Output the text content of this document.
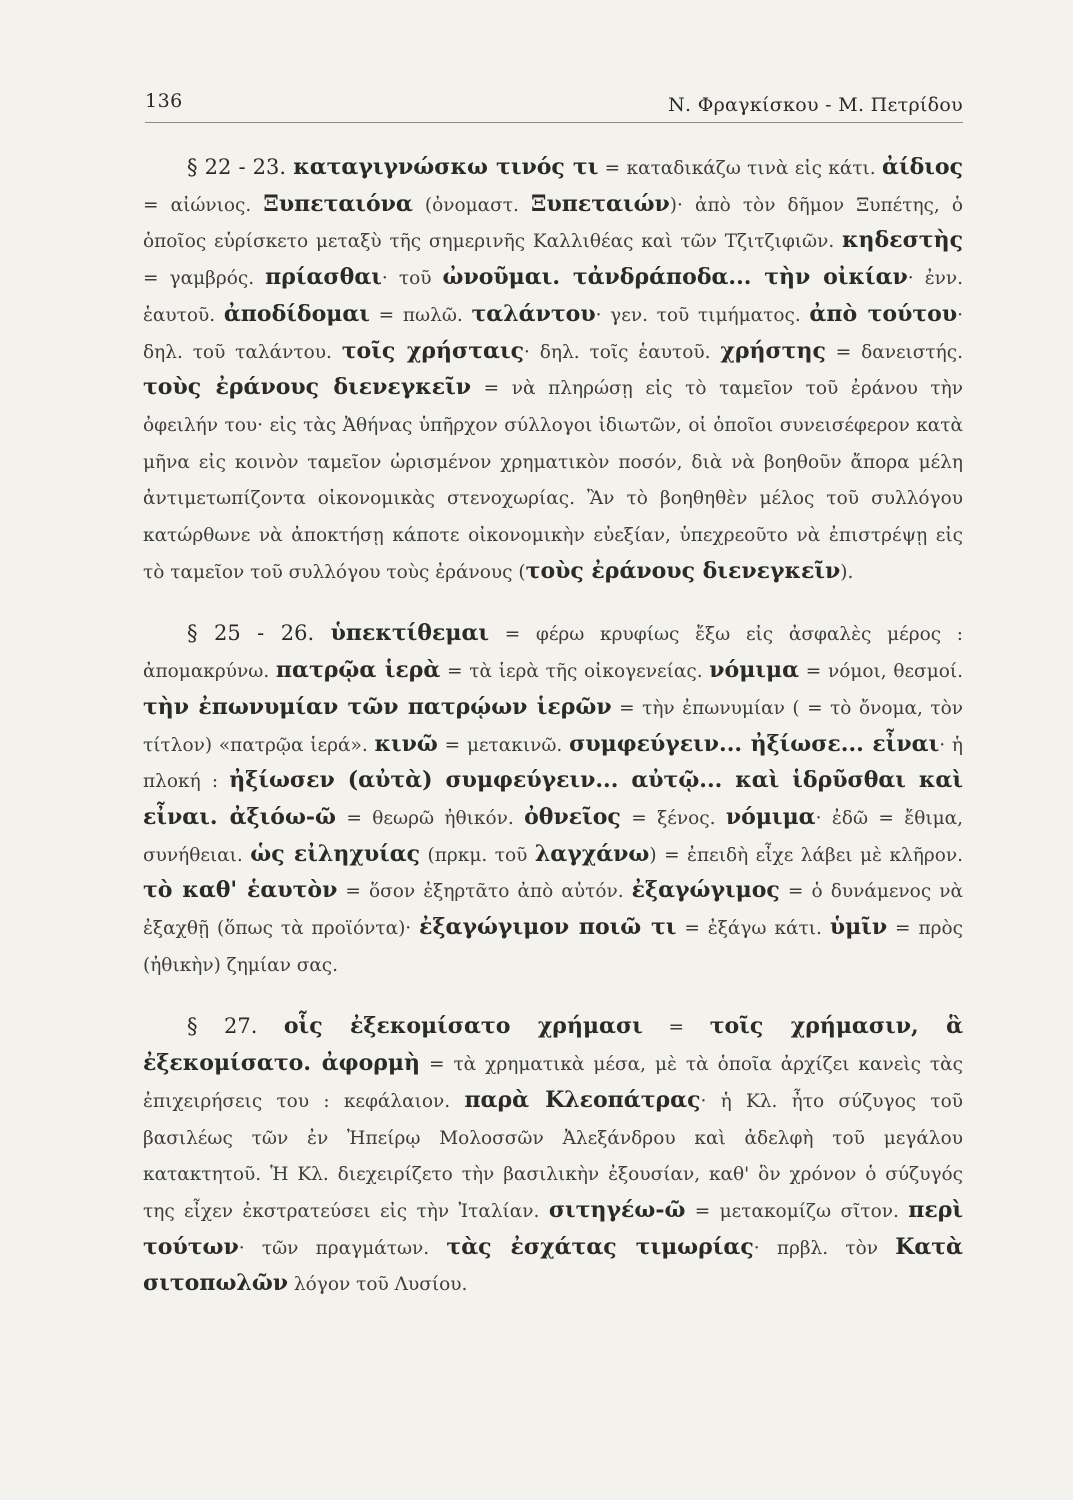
136	Ν. Φραγκίσκου - Μ. Πετρίδου

§ 22 - 23. καταγιγνώσκω τινός τι = καταδικάζω τινὰ εἰς κάτι. ἀίδιος = αἰώνιος. Ξυπεταιόνα (ὀνομαστ. Ξυπεταιών)· ἀπὸ τὸν δῆμον Ξυπέτης, ὁ ὁποῖος εὑρίσκετο μεταξὺ τῆς σημερινῆς Καλλιθέας καὶ τῶν Τζιτζιφιῶν. κηδεστὴς = γαμβρός. πρίασθαι· τοῦ ὠνοῦμαι. τἀνδράποδα... τὴν οἰκίαν· ἐνν. ἑαυτοῦ. ἀποδίδομαι = πωλῶ. ταλάντου· γεν. τοῦ τιμήματος. ἀπὸ τούτου· δηλ. τοῦ ταλάντου. τοῖς χρήσταις· δηλ. τοῖς ἑαυτοῦ. χρήστης = δανειστής. τοὺς ἐράνους διενεγκεῖν = νὰ πληρώσῃ εἰς τὸ ταμεῖον τοῦ ἐράνου τὴν ὀφειλήν του· εἰς τὰς Ἀθήνας ὑπῆρχον σύλλογοι ἰδιωτῶν, οἱ ὁποῖοι συνεισέφερον κατὰ μῆνα εἰς κοινὸν ταμεῖον ὡρισμένον χρηματικὸν ποσόν, διὰ νὰ βοηθοῦν ἄπορα μέλη ἀντιμετωπίζοντα οἰκονομικὰς στενοχωρίας. Ἂν τὸ βοηθηθὲν μέλος τοῦ συλλόγου κατώρθωνε νὰ ἀποκτήσῃ κάποτε οἰκονομικὴν εὐεξίαν, ὑπεχρεοῦτο νὰ ἐπιστρέψῃ εἰς τὸ ταμεῖον τοῦ συλλόγου τοὺς ἐράνους (τοὺς ἐράνους διενεγκεῖν).

§ 25 - 26. ὑπεκτίθεμαι = φέρω κρυφίως ἔξω εἰς ἀσφαλὲς μέρος : ἀπομακρύνω. πατρῷα ἱερὰ = τὰ ἱερὰ τῆς οἰκογενείας. νόμιμα = νόμοι, θεσμοί. τὴν ἐπωνυμίαν τῶν πατρῴων ἱερῶν = τὴν ἐπωνυμίαν ( = τὸ ὄνομα, τὸν τίτλον) «πατρῷα ἱερά». κινῶ = μετακινῶ. συμφεύγειν... ἠξίωσε... εἶναι· ἡ πλοκή : ἠξίωσεν (αὐτὰ) συμφεύγειν... αὐτῷ... καὶ ἱδρῦσθαι καὶ εἶναι. ἀξιόω-ῶ = θεωρῶ ἠθικόν. ὀθνεῖος = ξένος. νόμιμα· ἐδῶ = ἔθιμα, συνήθειαι. ὡς εἰληχυίας (πρκμ. τοῦ λαγχάνω) = ἐπειδὴ εἶχε λάβει μὲ κλῆρον. τὸ καθ' ἑαυτὸν = ὅσον ἐξηρτᾶτο ἀπὸ αὐτόν. ἐξαγώγιμος = ὁ δυνάμενος νὰ ἐξαχθῇ (ὅπως τὰ προϊόντα)· ἐξαγώγιμον ποιῶ τι = ἐξάγω κάτι. ὑμῖν = πρὸς (ἠθικὴν) ζημίαν σας.

§ 27. οἷς ἐξεκομίσατο χρήμασι = τοῖς χρήμασιν, ἃ ἐξεκομίσατο. ἀφορμὴ = τὰ χρηματικὰ μέσα, μὲ τὰ ὁποῖα ἀρχίζει κανεὶς τὰς ἐπιχειρήσεις του : κεφάλαιον. παρὰ Κλεοπάτρας· ἡ Κλ. ἦτο σύζυγος τοῦ βασιλέως τῶν ἐν Ἠπείρῳ Μολοσσῶν Ἀλεξάνδρου καὶ ἀδελφὴ τοῦ μεγάλου κατακτητοῦ. Ἡ Κλ. διεχειρίζετο τὴν βασιλικὴν ἐξουσίαν, καθ' ὃν χρόνον ὁ σύζυγός της εἶχεν ἐκστρατεύσει εἰς τὴν Ἰταλίαν. σιτηγέω-ῶ = μετακομίζω σῖτον. περὶ τούτων· τῶν πραγμάτων. τὰς ἐσχάτας τιμωρίας· πρβλ. τὸν Κατὰ σιτοπωλῶν λόγον τοῦ Λυσίου.
